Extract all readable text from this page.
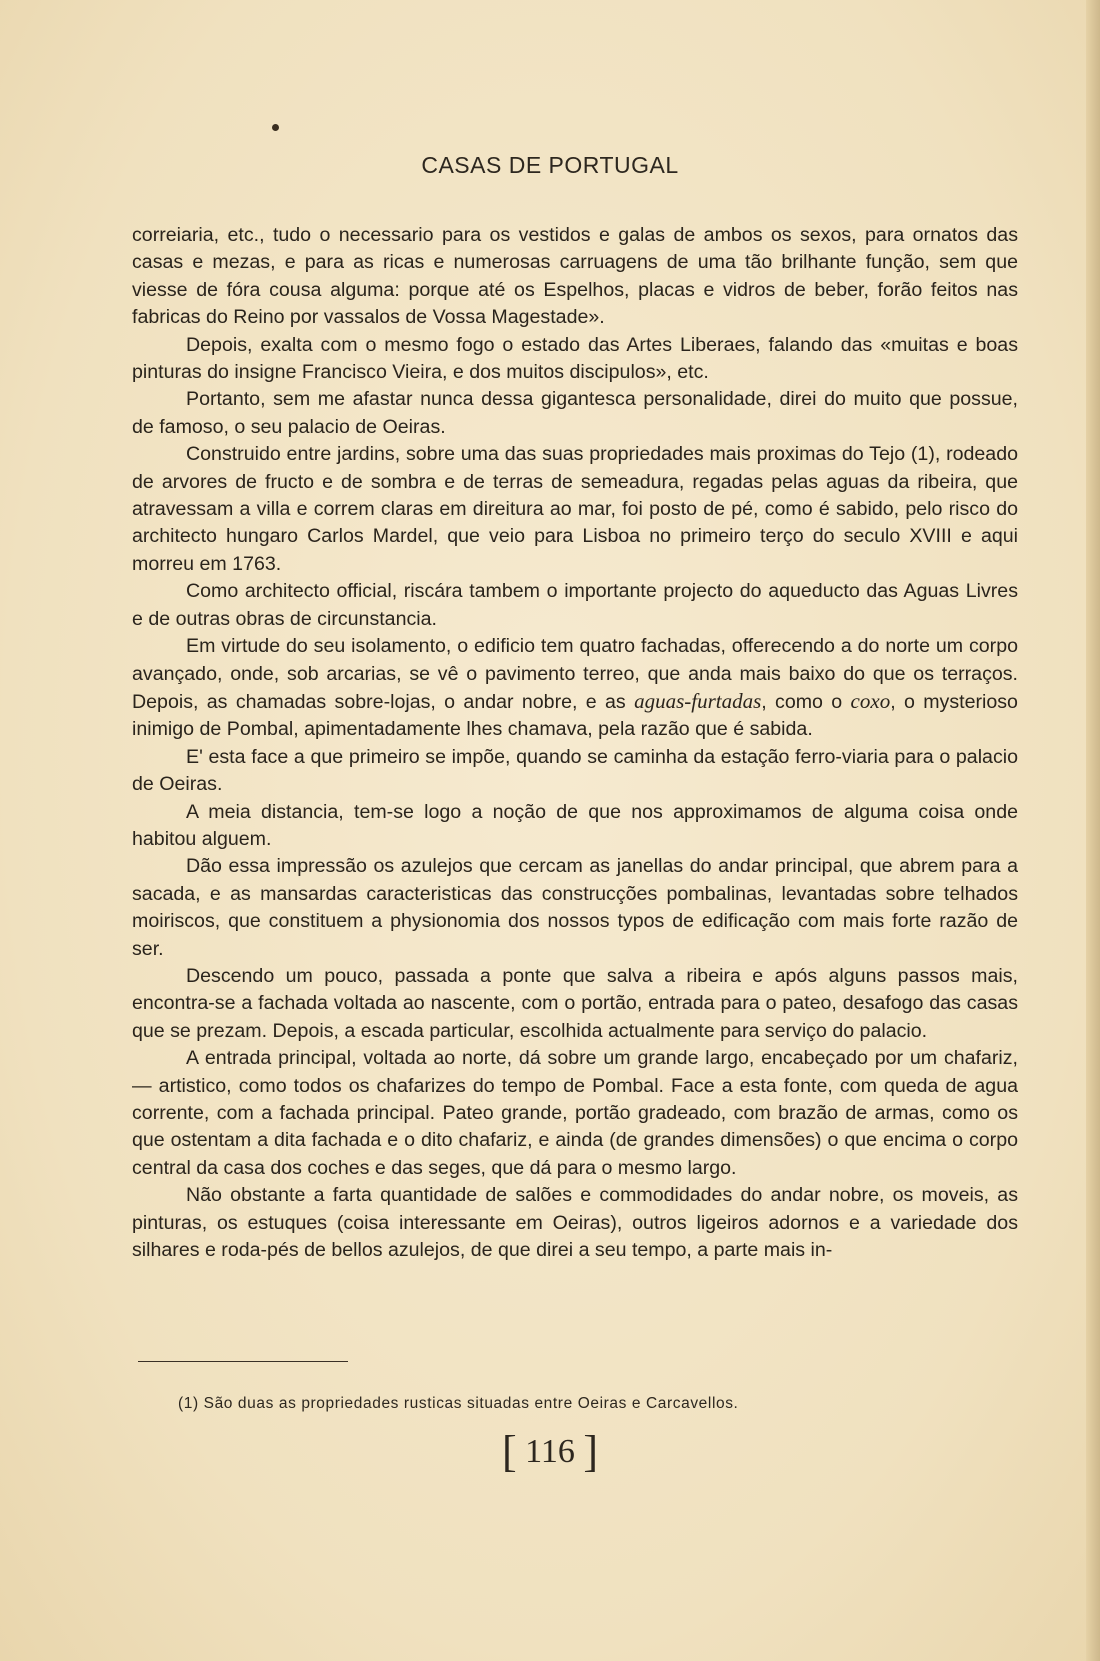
CASAS DE PORTUGAL

correiaria, etc., tudo o necessario para os vestidos e galas de ambos os sexos, para ornatos das casas e mezas, e para as ricas e numerosas carruagens de uma tão brilhante função, sem que viesse de fóra cousa alguma: porque até os Espelhos, placas e vidros de beber, forão feitos nas fabricas do Reino por vassalos de Vossa Magestade».

Depois, exalta com o mesmo fogo o estado das Artes Liberaes, falando das «muitas e boas pinturas do insigne Francisco Vieira, e dos muitos discipulos», etc.

Portanto, sem me afastar nunca dessa gigantesca personalidade, direi do muito que possue, de famoso, o seu palacio de Oeiras.

Construido entre jardins, sobre uma das suas propriedades mais proximas do Tejo (1), rodeado de arvores de fructo e de sombra e de terras de semeadura, regadas pelas aguas da ribeira, que atravessam a villa e correm claras em direitura ao mar, foi posto de pé, como é sabido, pelo risco do architecto hungaro Carlos Mardel, que veio para Lisboa no primeiro terço do seculo XVIII e aqui morreu em 1763.

Como architecto official, riscára tambem o importante projecto do aqueducto das Aguas Livres e de outras obras de circunstancia.

Em virtude do seu isolamento, o edificio tem quatro fachadas, offerecendo a do norte um corpo avançado, onde, sob arcarias, se vê o pavimento terreo, que anda mais baixo do que os terraços. Depois, as chamadas sobre-lojas, o andar nobre, e as aguas-furtadas, como o coxo, o mysterioso inimigo de Pombal, apimentadamente lhes chamava, pela razão que é sabida.

E' esta face a que primeiro se impõe, quando se caminha da estação ferro-viaria para o palacio de Oeiras.

A meia distancia, tem-se logo a noção de que nos approximamos de alguma coisa onde habitou alguem.

Dão essa impressão os azulejos que cercam as janellas do andar principal, que abrem para a sacada, e as mansardas caracteristicas das construcções pombalinas, levantadas sobre telhados moiriscos, que constituem a physionomia dos nossos typos de edificação com mais forte razão de ser.

Descendo um pouco, passada a ponte que salva a ribeira e após alguns passos mais, encontra-se a fachada voltada ao nascente, com o portão, entrada para o pateo, desafogo das casas que se prezam. Depois, a escada particular, escolhida actualmente para serviço do palacio.

A entrada principal, voltada ao norte, dá sobre um grande largo, encabeçado por um chafariz, — artistico, como todos os chafarizes do tempo de Pombal. Face a esta fonte, com queda de agua corrente, com a fachada principal. Pateo grande, portão gradeado, com brazão de armas, como os que ostentam a dita fachada e o dito chafariz, e ainda (de grandes dimensões) o que encima o corpo central da casa dos coches e das seges, que dá para o mesmo largo.

Não obstante a farta quantidade de salões e commodidades do andar nobre, os moveis, as pinturas, os estuques (coisa interessante em Oeiras), outros ligeiros adornos e a variedade dos silhares e roda-pés de bellos azulejos, de que direi a seu tempo, a parte mais in-

(1) São duas as propriedades rusticas situadas entre Oeiras e Carcavellos.
[ 116 ]
